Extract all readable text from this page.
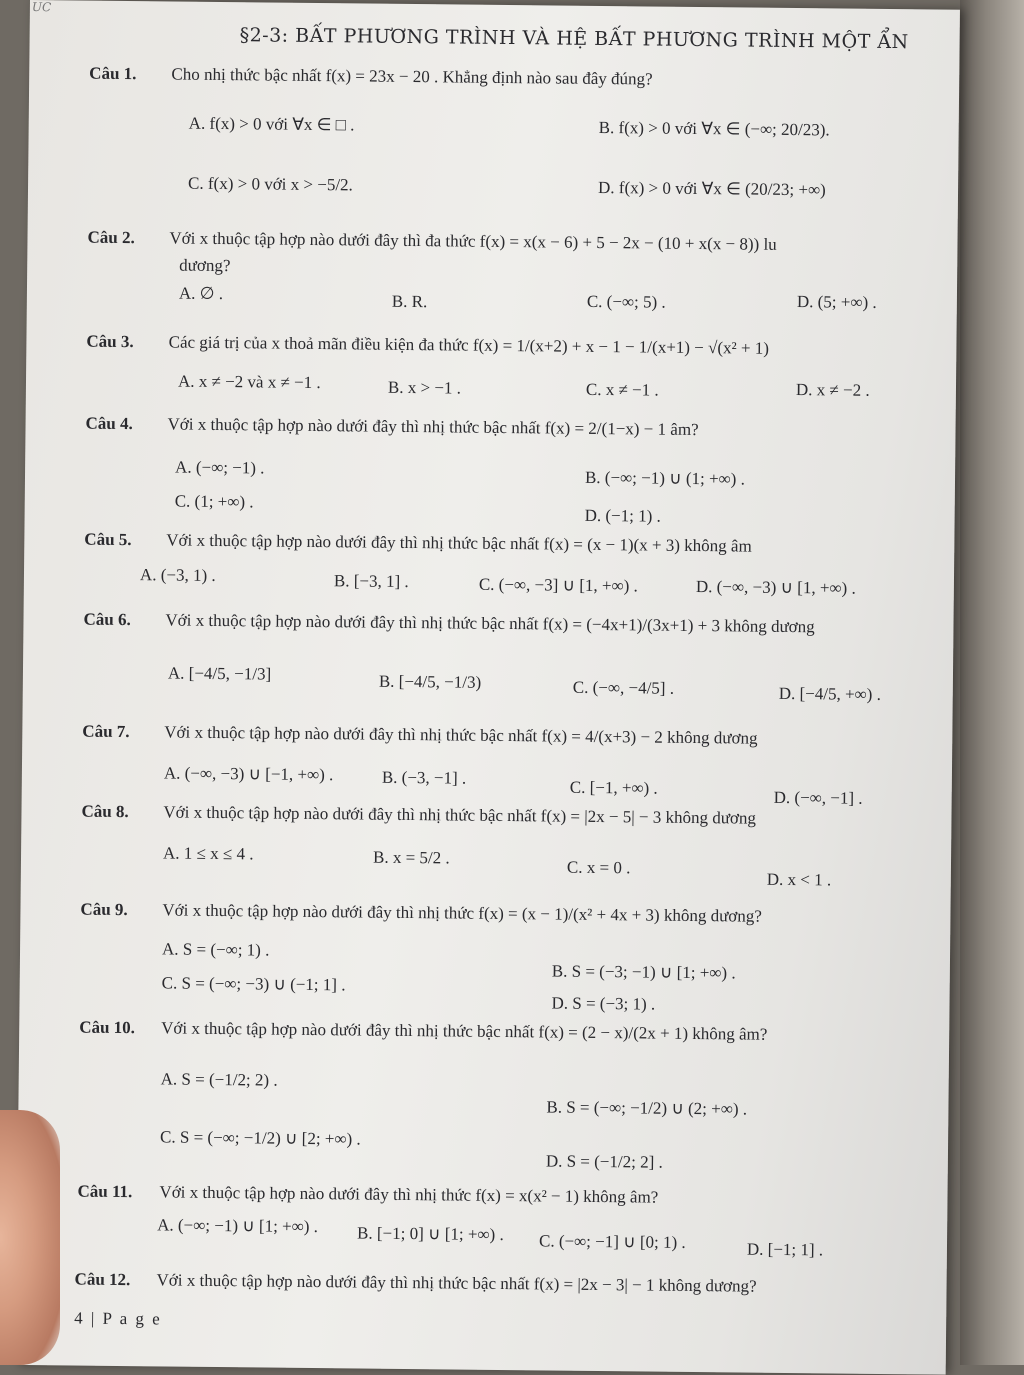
UC
§2-3: BẤT PHƯƠNG TRÌNH VÀ HỆ BẤT PHƯƠNG TRÌNH MỘT ẨN
Câu 1. Cho nhị thức bậc nhất f(x) = 23x − 20 . Khẳng định nào sau đây đúng?
A. f(x) > 0 với ∀x ∈ □ .	B. f(x) > 0 với ∀x ∈ (−∞; 20/23).
C. f(x) > 0 với x > −5/2.	D. f(x) > 0 với ∀x ∈ (20/23; +∞)
Câu 2. Với x thuộc tập hợp nào dưới đây thì đa thức f(x) = x(x − 6) + 5 − 2x − (10 + x(x − 8)) lu
dương?
A. ∅ .	B. R.	C. (−∞; 5) .	D. (5; +∞) .
Câu 3. Các giá trị của x thoả mãn điều kiện đa thức f(x) = 1/(x+2) + x − 1 − 1/(x+1) − √(x² + 1)
A. x ≠ −2 và x ≠ −1 .	B. x > −1 .	C. x ≠ −1 .	D. x ≠ −2 .
Câu 4. Với x thuộc tập hợp nào dưới đây thì nhị thức bậc nhất f(x) = 2/(1−x) − 1 âm?
A. (−∞; −1) .
B. (−∞; −1) ∪ (1; +∞) .
C. (1; +∞) .
D. (−1; 1) .
Câu 5. Với x thuộc tập hợp nào dưới đây thì nhị thức bậc nhất f(x) = (x − 1)(x + 3) không âm
A. (−3, 1) .	B. [−3, 1] .	C. (−∞, −3] ∪ [1, +∞) .	D. (−∞, −3) ∪ [1, +∞) .
Câu 6. Với x thuộc tập hợp nào dưới đây thì nhị thức bậc nhất f(x) = (−4x+1)/(3x+1) + 3 không dương
A. [−4/5, −1/3]	B. [−4/5, −1/3)	C. (−∞, −4/5] .	D. [−4/5, +∞) .
Câu 7. Với x thuộc tập hợp nào dưới đây thì nhị thức bậc nhất f(x) = 4/(x+3) − 2 không dương
A. (−∞, −3) ∪ [−1, +∞) .	B. (−3, −1] .
C. [−1, +∞) .
D. (−∞, −1] .
Câu 8. Với x thuộc tập hợp nào dưới đây thì nhị thức bậc nhất f(x) = |2x − 5| − 3 không dương
A. 1 ≤ x ≤ 4 .	B. x = 5/2 .
C. x = 0 .
D. x < 1 .
Câu 9. Với x thuộc tập hợp nào dưới đây thì nhị thức f(x) = (x − 1)/(x² + 4x + 3) không dương?
A. S = (−∞; 1) .
B. S = (−3; −1) ∪ [1; +∞) .
C. S = (−∞; −3) ∪ (−1; 1] .
D. S = (−3; 1) .
Câu 10. Với x thuộc tập hợp nào dưới đây thì nhị thức bậc nhất f(x) = (2 − x)/(2x + 1) không âm?
A. S = (−1/2; 2) .
B. S = (−∞; −1/2) ∪ (2; +∞) .
C. S = (−∞; −1/2) ∪ [2; +∞) .
D. S = (−1/2; 2] .
Câu 11. Với x thuộc tập hợp nào dưới đây thì nhị thức f(x) = x(x² − 1) không âm?
A. (−∞; −1) ∪ [1; +∞) . B. [−1; 0] ∪ [1; +∞) . C. (−∞; −1] ∪ [0; 1) .	D. [−1; 1] .
Câu 12. Với x thuộc tập hợp nào dưới đây thì nhị thức bậc nhất f(x) = |2x − 3| − 1 không dương?
4 | P a g e
